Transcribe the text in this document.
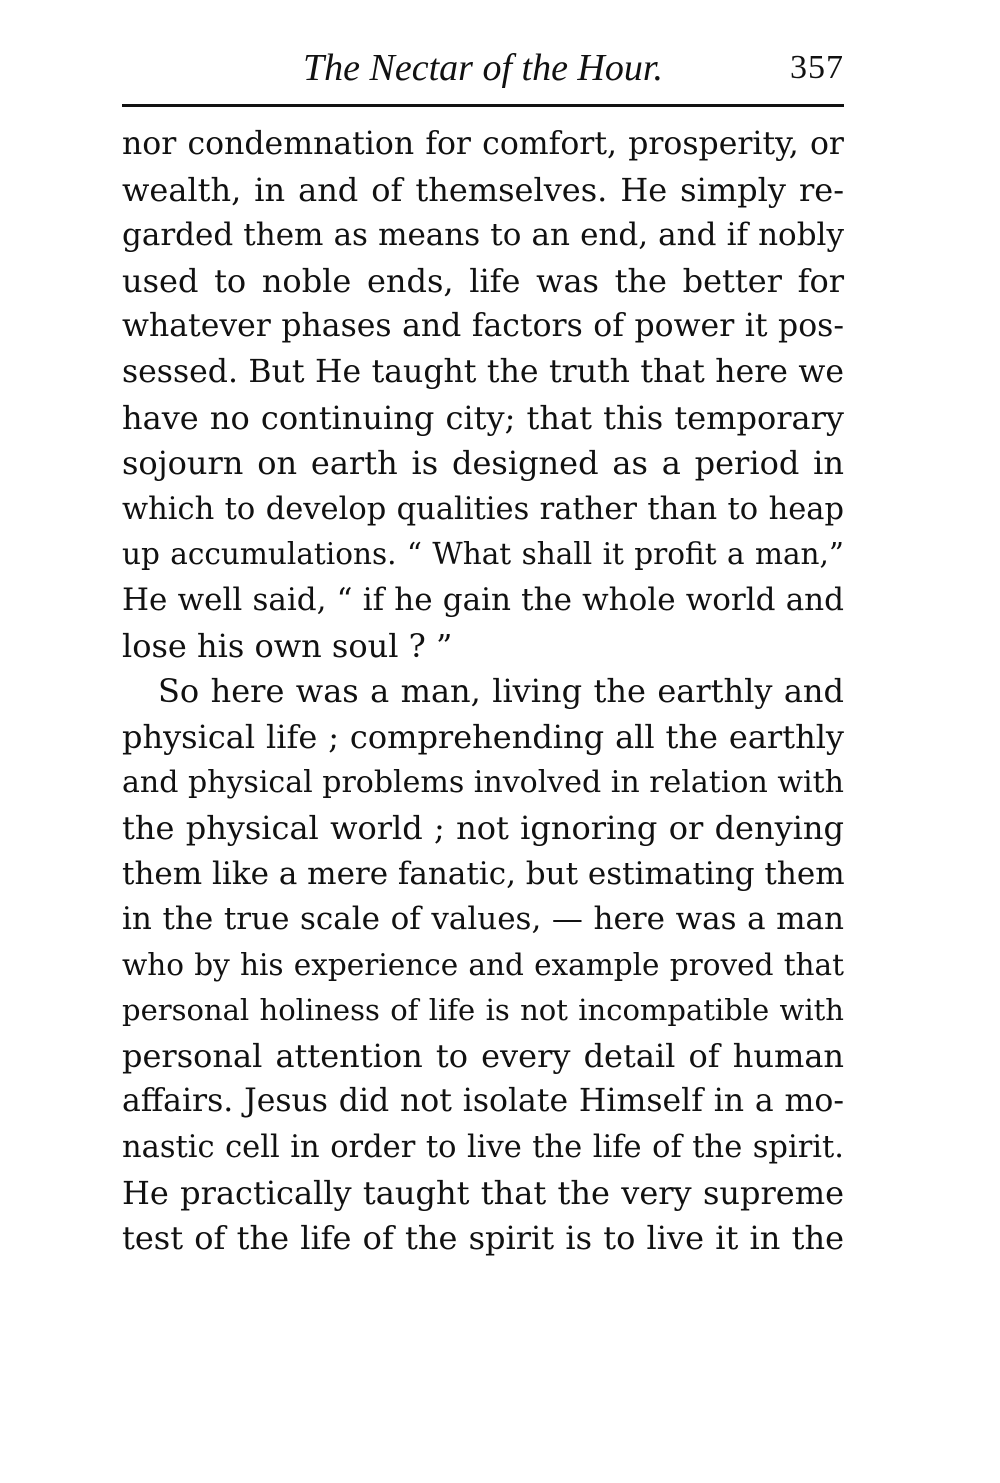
The Nectar of the Hour.	357
nor condemnation for comfort, prosperity, or
wealth, in and of themselves. He simply re-
garded them as means to an end, and if nobly
used to noble ends, life was the better for
whatever phases and factors of power it pos-
sessed. But He taught the truth that here we
have no continuing city; that this temporary
sojourn on earth is designed as a period in
which to develop qualities rather than to heap
up accumulations. “ What shall it profit a man,”
He well said, “ if he gain the whole world and
lose his own soul ? ”
So here was a man, living the earthly and
physical life ; comprehending all the earthly
and physical problems involved in relation with
the physical world ; not ignoring or denying
them like a mere fanatic, but estimating them
in the true scale of values, — here was a man
who by his experience and example proved that
personal holiness of life is not incompatible with
personal attention to every detail of human
affairs. Jesus did not isolate Himself in a mo-
nastic cell in order to live the life of the spirit.
He practically taught that the very supreme
test of the life of the spirit is to live it in the
